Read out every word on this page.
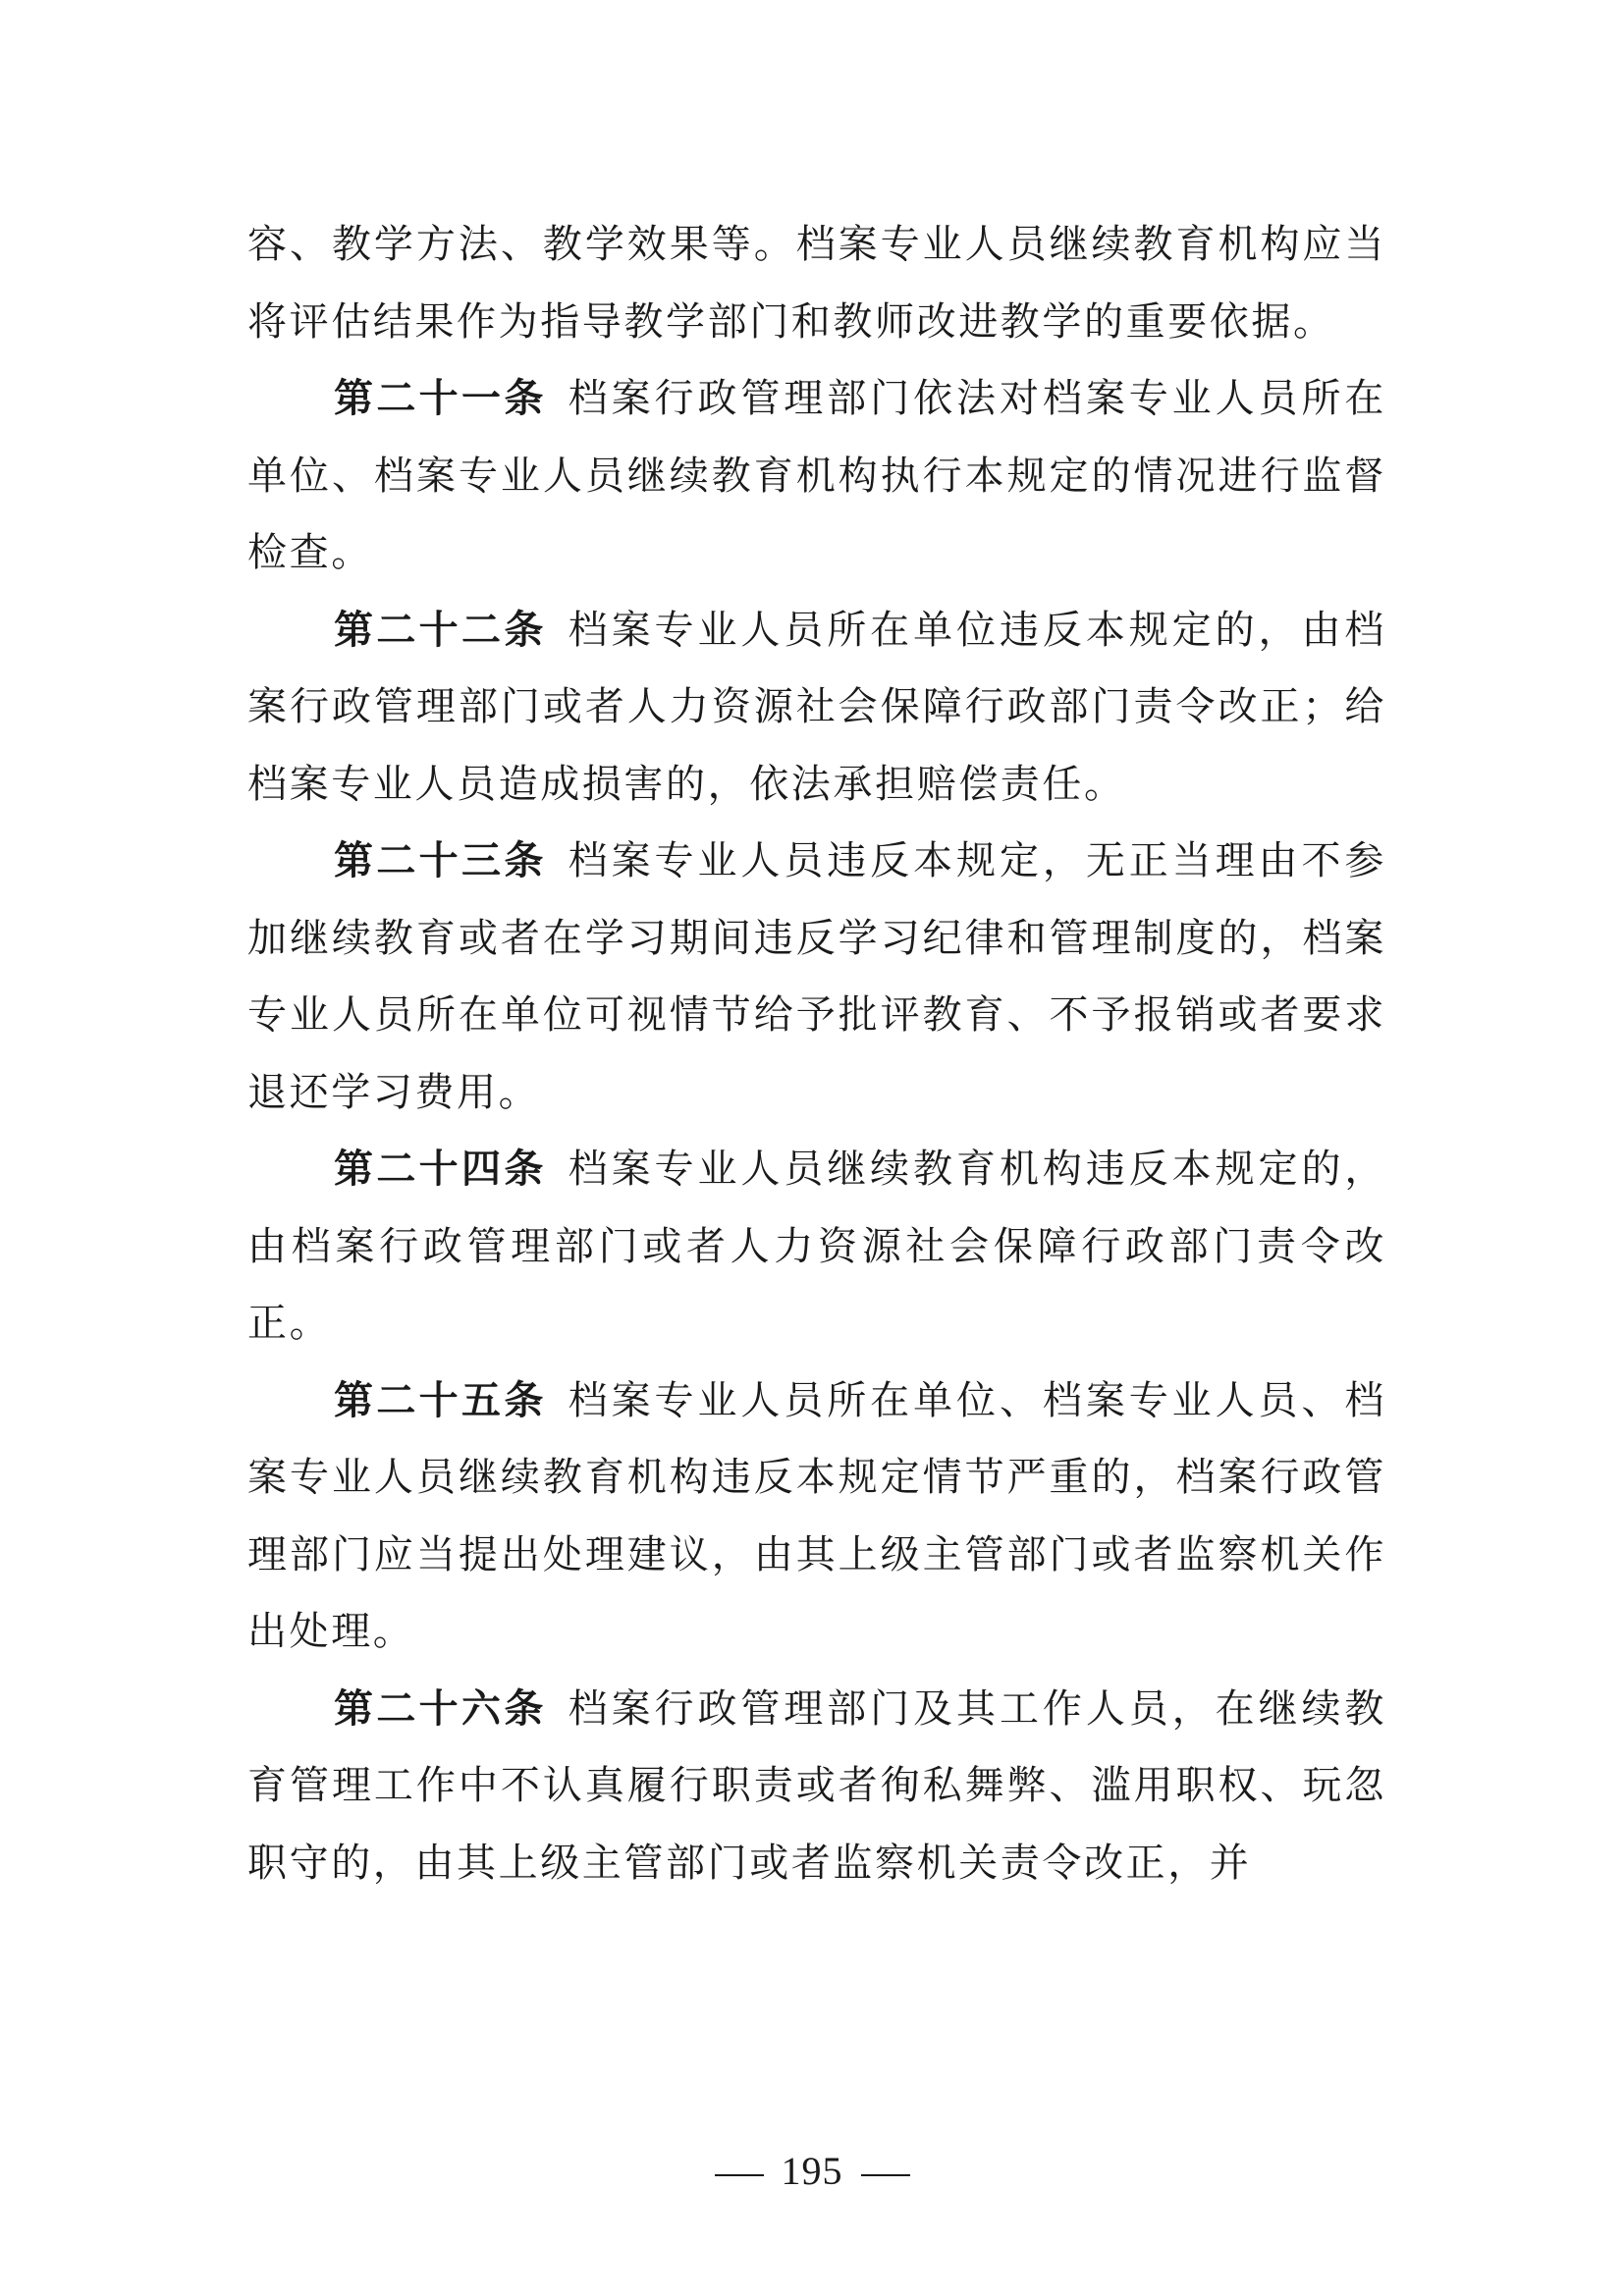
容、教学方法、教学效果等。档案专业人员继续教育机构应当将评估结果作为指导教学部门和教师改进教学的重要依据。

第二十一条 档案行政管理部门依法对档案专业人员所在单位、档案专业人员继续教育机构执行本规定的情况进行监督检查。

第二十二条 档案专业人员所在单位违反本规定的，由档案行政管理部门或者人力资源社会保障行政部门责令改正；给档案专业人员造成损害的，依法承担赔偿责任。

第二十三条 档案专业人员违反本规定，无正当理由不参加继续教育或者在学习期间违反学习纪律和管理制度的，档案专业人员所在单位可视情节给予批评教育、不予报销或者要求退还学习费用。

第二十四条 档案专业人员继续教育机构违反本规定的，由档案行政管理部门或者人力资源社会保障行政部门责令改正。

第二十五条 档案专业人员所在单位、档案专业人员、档案专业人员继续教育机构违反本规定情节严重的，档案行政管理部门应当提出处理建议，由其上级主管部门或者监察机关作出处理。

第二十六条 档案行政管理部门及其工作人员，在继续教育管理工作中不认真履行职责或者徇私舞弊、滥用职权、玩忽职守的，由其上级主管部门或者监察机关责令改正，并

195
